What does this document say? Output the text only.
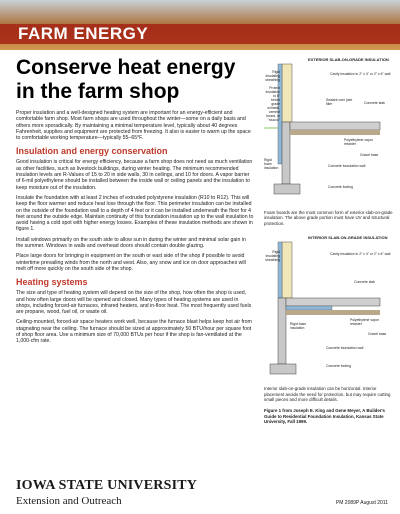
FARM ENERGY
Conserve heat energy in the farm shop

Proper insulation and a well-designed heating system are important for an energy-efficient and comfortable farm shop. Most farm shops are used throughout the winter—some on a daily basis and others more sporadically. By maintaining a minimal temperature level, typically about 40 degrees Fahrenheit, supplies and equipment are protected from freezing. It also is easier to warm up the space to comfortable working temperature—typically 55–65°F.

Insulation and energy conservation

Good insulation is critical for energy efficiency, because a farm shop does not need as much ventilation as other facilities, such as livestock buildings, during winter heating. The minimum recommended insulation levels are R-Values of 15 to 20 in side walls, 30 in ceilings, and 10 for doors. A vapor barrier of 6-mil polyethylene should be installed between the inside wall or ceiling panels and the insulation to keep moisture out of the insulation.

Insulate the foundation with at least 2 inches of extruded polystyrene insulation (R10 to R12). This will keep the floor warmer and reduce heat loss through the floor. This perimeter insulation can be installed on the outside of the foundation wall to a depth of 4 feet or it can be installed underneath the floor for 4 feet around the outside edge. Maintain continuity of this foundation insulation up to the wall insulation to avoid having a cold spot with higher energy losses. Examples of these insulation methods are shown in figure 1.

Install windows primarily on the south side to allow sun in during the winter and minimal solar gain in the summer. Windows in walls and overhead doors should contain double glazing.

Place large doors for bringing in equipment on the south or east side of the shop if possible to avoid wintertime prevailing winds from the north and west. Also, any snow and ice on door approaches will melt off more quickly on the south side of the shop.

Heating systems

The size and type of heating system will depend on the size of the shop, how often the shop is used, and how often large doors will be opened and closed. Many types of heating systems are used in shops, including forced-air furnaces, infrared heaters, and in-floor heat. The most frequently used fuels are propane, wood, fuel oil, or waste oil.

Ceiling-mounted, forced-air space heaters work well, because the furnace blast helps keep hot air from stagnating near the ceiling. The furnace should be sized at approximately 50 BTU/hour per square foot of shop floor area. Use a minimum size of 70,000 BTUs per hour if the shop is fan-ventilated at the 1,000-cfm rate.

EXTERIOR SLAB-ON-GRADE INSULATION
Rigid insulating sheathing
Cavity insulation in 2" x 4" or 2" x 6" wall
Protect insulation to 6" below grade w/metal, cement board, or "stucco"
Sealant over joint filler	Concrete slab
Polyethylene vapor retarder
Gravel base
Rigid foam insulation	Concrete foundation wall
Concrete footing
Foam boards are the most common form of exterior slab-on-grade insulation. The above grade portion must have UV and structural protection.
INTERIOR SLAB-ON-GRADE INSULATION
Rigid insulating sheathing
Cavity insulation in 2" x 4" or 2" x 6" wall
Concrete slab
Polyethylene vapor retarder
Gravel base
Rigid foam insulation
Concrete foundation wall
Concrete footing
Interior slab-on-grade insulation can be horizontal. Interior placement avoids the need for protection, but may require cutting small pieces and more difficult details.
Figure 1 from Joseph E. King and Gene Meyer, A Builder's Guide to Residential Foundation Insulation, Kansas State University, Fall 1999.
IOWA STATE UNIVERSITY
Extension and Outreach	PM 2089P August 2011
